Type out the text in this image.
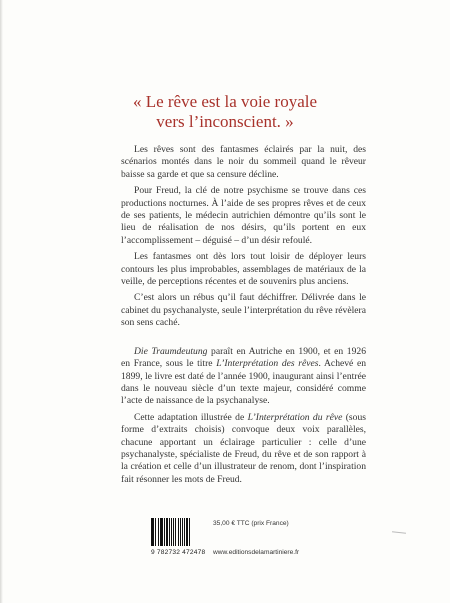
« Le rêve est la voie royale
vers l’inconscient. »

Les rêves sont des fantasmes éclairés par la nuit, des scénarios montés dans le noir du sommeil quand le rêveur baisse sa garde et que sa censure décline.

Pour Freud, la clé de notre psychisme se trouve dans ces productions nocturnes. À l’aide de ses propres rêves et de ceux de ses patients, le médecin autrichien démontre qu’ils sont le lieu de réalisation de nos désirs, qu’ils portent en eux l’accomplissement – déguisé – d’un désir refoulé.

Les fantasmes ont dès lors tout loisir de déployer leurs contours les plus improbables, assemblages de matériaux de la veille, de perceptions récentes et de souvenirs plus anciens.

C’est alors un rébus qu’il faut déchiffrer. Délivrée dans le cabinet du psychanalyste, seule l’interprétation du rêve révèlera son sens caché.

Die Traumdeutung paraît en Autriche en 1900, et en 1926 en France, sous le titre L’Interprétation des rêves. Achevé en 1899, le livre est daté de l’année 1900, inaugurant ainsi l’entrée dans le nouveau siècle d’un texte majeur, considéré comme l’acte de naissance de la psychanalyse.

Cette adaptation illustrée de L’Interprétation du rêve (sous forme d’extraits choisis) convoque deux voix parallèles, chacune apportant un éclairage particulier : celle d’une psychanalyste, spécialiste de Freud, du rêve et de son rapport à la création et celle d’un illustrateur de renom, dont l’inspiration fait résonner les mots de Freud.

9 782732 472478
35,00 € TTC (prix France)
www.editionsdelamartiniere.fr
